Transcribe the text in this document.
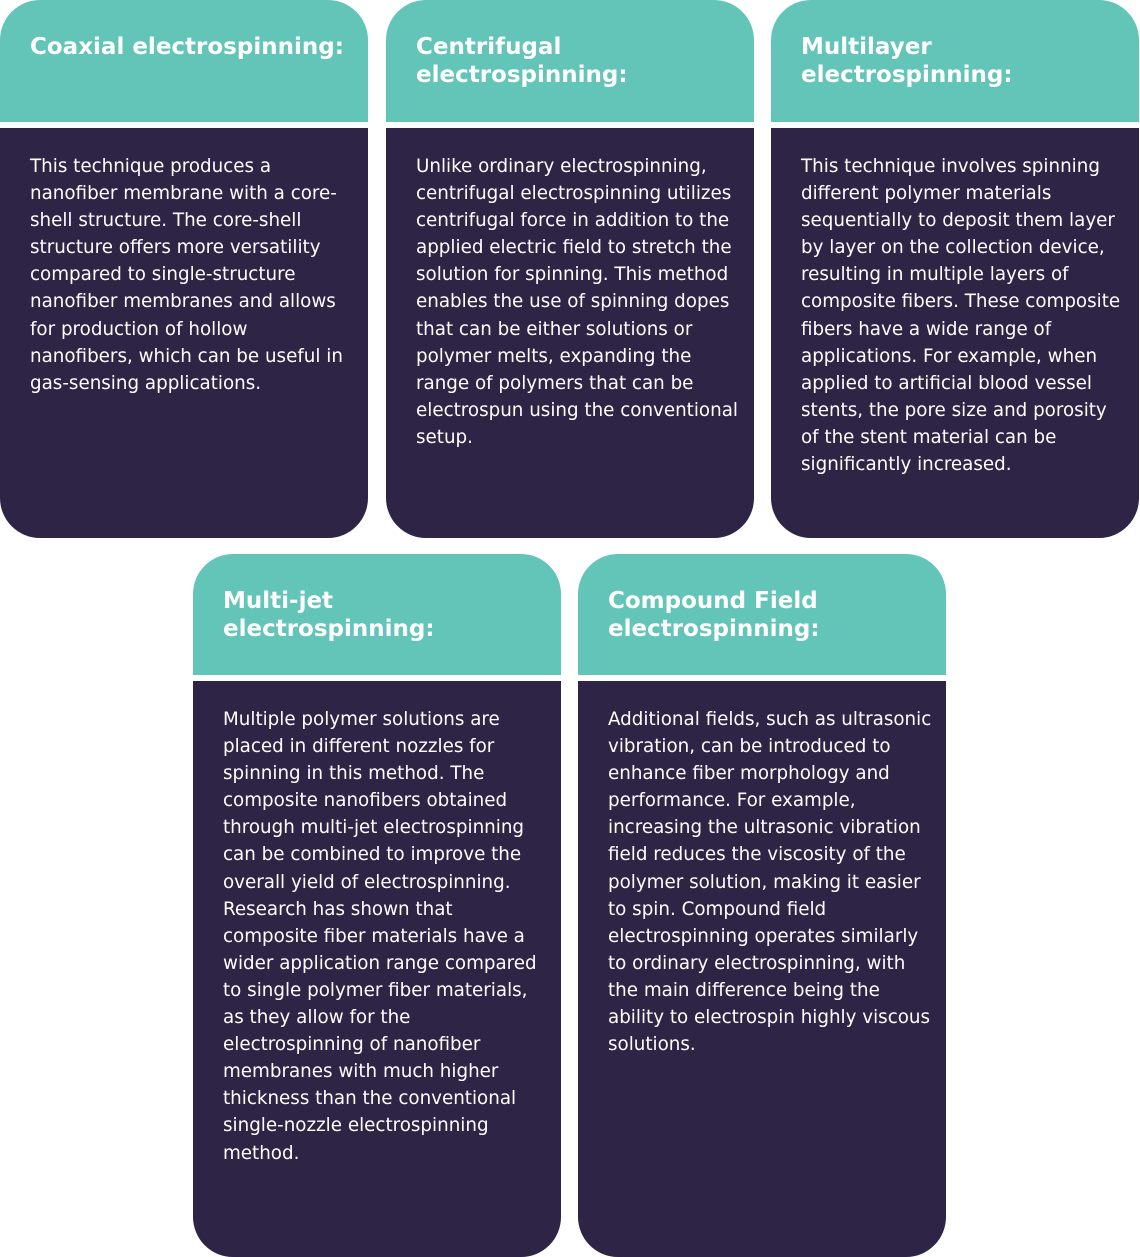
Coaxial electrospinning:

This technique produces a nanofiber membrane with a core-shell structure. The core-shell structure offers more versatility compared to single-structure nanofiber membranes and allows for production of hollow nanofibers, which can be useful in gas-sensing applications.

Centrifugal electrospinning:

Unlike ordinary electrospinning, centrifugal electrospinning utilizes centrifugal force in addition to the applied electric field to stretch the solution for spinning. This method enables the use of spinning dopes that can be either solutions or polymer melts, expanding the range of polymers that can be electrospun using the conventional setup.

Multilayer electrospinning:

This technique involves spinning different polymer materials sequentially to deposit them layer by layer on the collection device, resulting in multiple layers of composite fibers. These composite fibers have a wide range of applications. For example, when applied to artificial blood vessel stents, the pore size and porosity of the stent material can be significantly increased.

Multi-jet electrospinning:

Multiple polymer solutions are placed in different nozzles for spinning in this method. The composite nanofibers obtained through multi-jet electrospinning can be combined to improve the overall yield of electrospinning. Research has shown that composite fiber materials have a wider application range compared to single polymer fiber materials, as they allow for the electrospinning of nanofiber membranes with much higher thickness than the conventional single-nozzle electrospinning method.

Compound Field electrospinning:

Additional fields, such as ultrasonic vibration, can be introduced to enhance fiber morphology and performance. For example, increasing the ultrasonic vibration field reduces the viscosity of the polymer solution, making it easier to spin. Compound field electrospinning operates similarly to ordinary electrospinning, with the main difference being the ability to electrospin highly viscous solutions.
